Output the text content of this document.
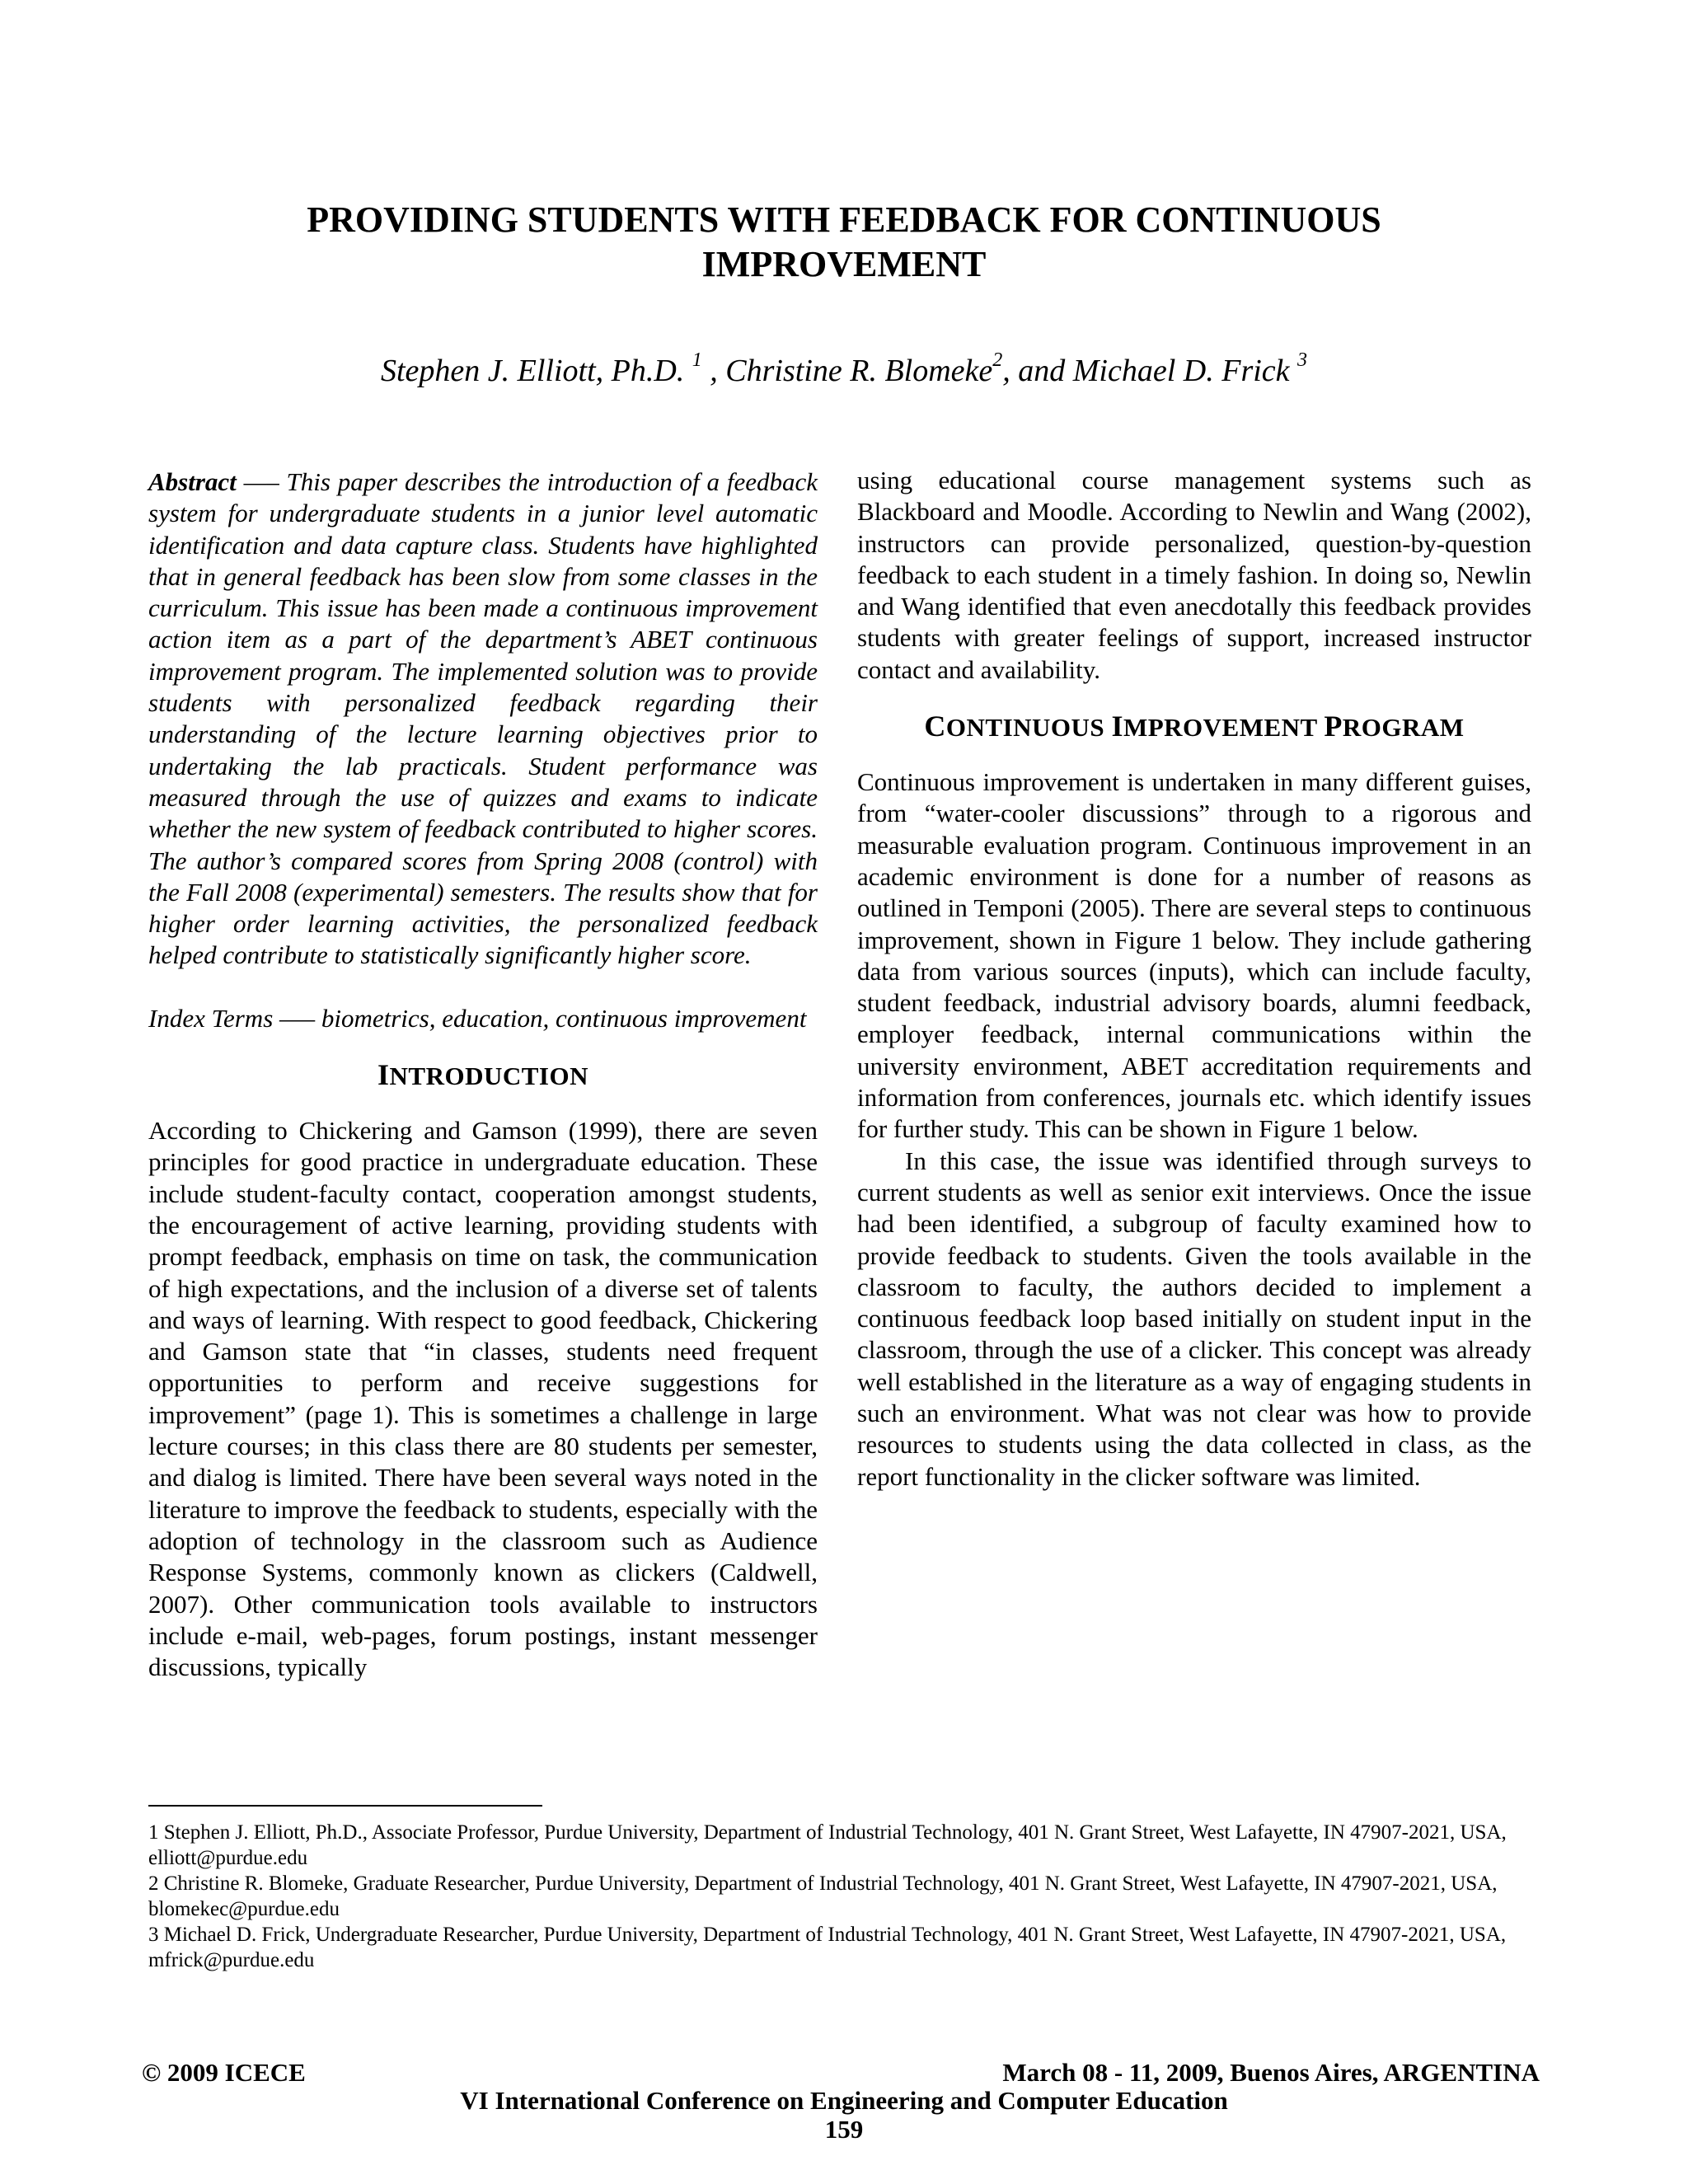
PROVIDING STUDENTS WITH FEEDBACK FOR CONTINUOUS
IMPROVEMENT

Stephen J. Elliott, Ph.D. $^1$ , Christine R. Blomeke$^2$, and Michael D. Frick $^3$

Abstract —– This paper describes the introduction of a feedback system for undergraduate students in a junior level automatic identification and data capture class. Students have highlighted that in general feedback has been slow from some classes in the curriculum. This issue has been made a continuous improvement action item as a part of the department’s ABET continuous improvement program. The implemented solution was to provide students with personalized feedback regarding their understanding of the lecture learning objectives prior to undertaking the lab practicals. Student performance was measured through the use of quizzes and exams to indicate whether the new system of feedback contributed to higher scores. The author’s compared scores from Spring 2008 (control) with the Fall 2008 (experimental) semesters. The results show that for higher order learning activities, the personalized feedback helped contribute to statistically significantly higher score.

Index Terms —– biometrics, education, continuous improvement

INTRODUCTION

According to Chickering and Gamson (1999), there are seven principles for good practice in undergraduate education. These include student-faculty contact, cooperation amongst students, the encouragement of active learning, providing students with prompt feedback, emphasis on time on task, the communication of high expectations, and the inclusion of a diverse set of talents and ways of learning. With respect to good feedback, Chickering and Gamson state that “in classes, students need frequent opportunities to perform and receive suggestions for improvement” (page 1). This is sometimes a challenge in large lecture courses; in this class there are 80 students per semester, and dialog is limited. There have been several ways noted in the literature to improve the feedback to students, especially with the adoption of technology in the classroom such as Audience Response Systems, commonly known as clickers (Caldwell, 2007). Other communication tools available to instructors include e-mail, web-pages, forum postings, instant messenger discussions, typically

using educational course management systems such as Blackboard and Moodle. According to Newlin and Wang (2002), instructors can provide personalized, question-by-question feedback to each student in a timely fashion. In doing so, Newlin and Wang identified that even anecdotally this feedback provides students with greater feelings of support, increased instructor contact and availability.

CONTINUOUS IMPROVEMENT PROGRAM

Continuous improvement is undertaken in many different guises, from “water-cooler discussions” through to a rigorous and measurable evaluation program. Continuous improvement in an academic environment is done for a number of reasons as outlined in Temponi (2005). There are several steps to continuous improvement, shown in Figure 1 below. They include gathering data from various sources (inputs), which can include faculty, student feedback, industrial advisory boards, alumni feedback, employer feedback, internal communications within the university environment, ABET accreditation requirements and information from conferences, journals etc. which identify issues for further study. This can be shown in Figure 1 below.

In this case, the issue was identified through surveys to current students as well as senior exit interviews. Once the issue had been identified, a subgroup of faculty examined how to provide feedback to students. Given the tools available in the classroom to faculty, the authors decided to implement a continuous feedback loop based initially on student input in the classroom, through the use of a clicker. This concept was already well established in the literature as a way of engaging students in such an environment. What was not clear was how to provide resources to students using the data collected in class, as the report functionality in the clicker software was limited.

1 Stephen J. Elliott, Ph.D., Associate Professor, Purdue University, Department of Industrial Technology, 401 N. Grant Street, West Lafayette, IN 47907-2021, USA, elliott@purdue.edu

2 Christine R. Blomeke, Graduate Researcher, Purdue University, Department of Industrial Technology, 401 N. Grant Street, West Lafayette, IN 47907-2021, USA, blomekec@purdue.edu

3 Michael D. Frick, Undergraduate Researcher, Purdue University, Department of Industrial Technology, 401 N. Grant Street, West Lafayette, IN 47907-2021, USA, mfrick@purdue.edu

© 2009 ICECE	March 08 - 11, 2009, Buenos Aires, ARGENTINA

VI International Conference on Engineering and Computer Education

159
